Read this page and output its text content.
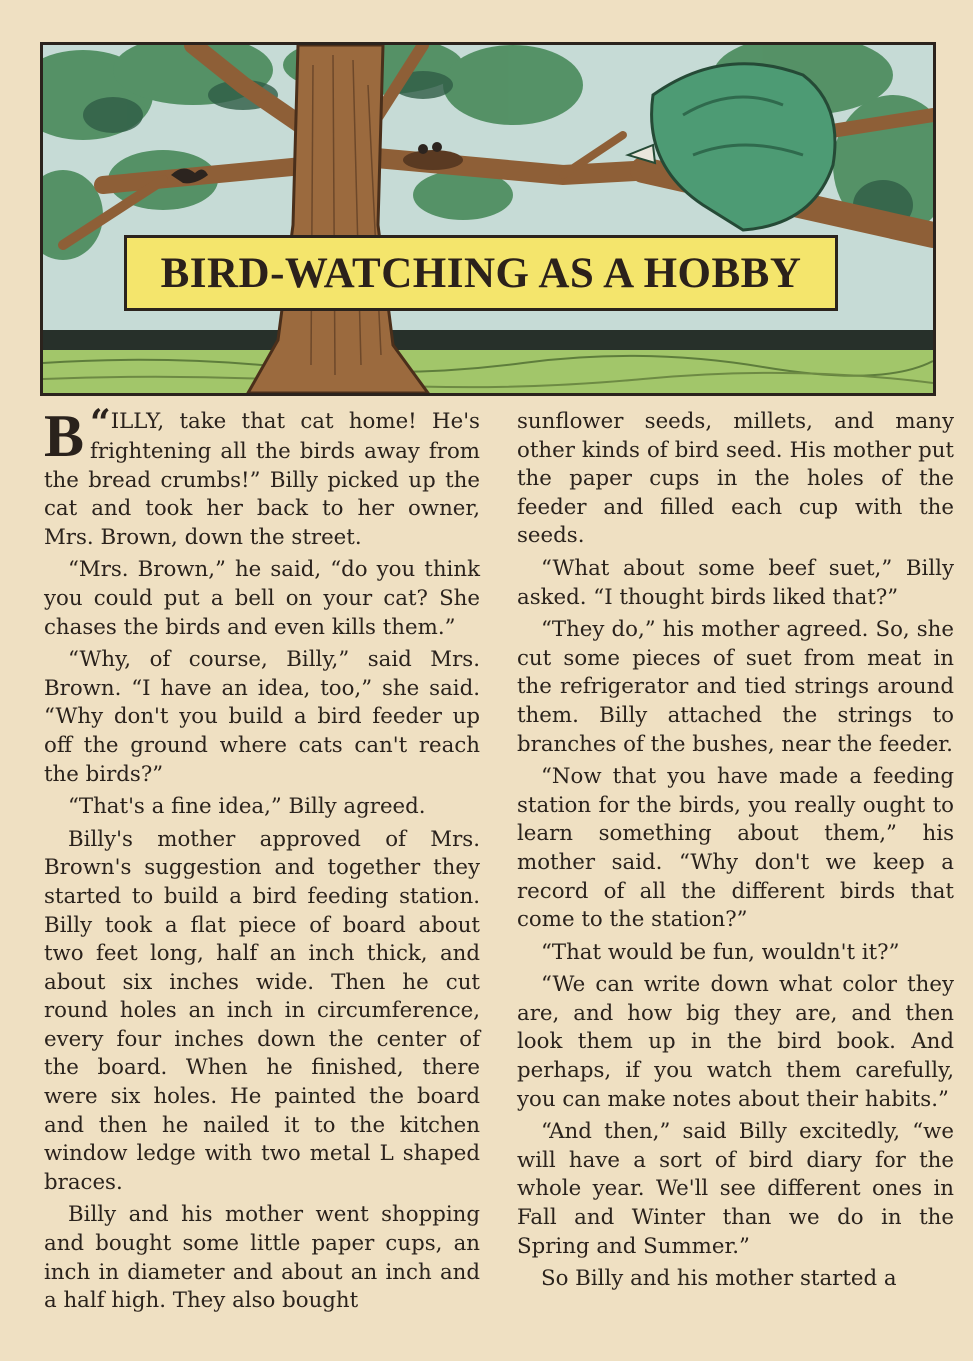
BIRD-WATCHING AS A HOBBY

“
B ILLY, take that cat home! He's frightening all the birds away from the bread crumbs!” Billy picked up the cat and took her back to her owner, Mrs. Brown, down the street.

“Mrs. Brown,” he said, “do you think you could put a bell on your cat? She chases the birds and even kills them.”

“Why, of course, Billy,” said Mrs. Brown. “I have an idea, too,” she said. “Why don't you build a bird feeder up off the ground where cats can't reach the birds?”

“That's a fine idea,” Billy agreed.

Billy's mother approved of Mrs. Brown's suggestion and together they started to build a bird feeding station. Billy took a flat piece of board about two feet long, half an inch thick, and about six inches wide. Then he cut round holes an inch in circumference, every four inches down the center of the board. When he finished, there were six holes. He painted the board and then he nailed it to the kitchen window ledge with two metal L shaped braces.

Billy and his mother went shopping and bought some little paper cups, an inch in diameter and about an inch and a half high. They also bought

sunflower seeds, millets, and many other kinds of bird seed. His mother put the paper cups in the holes of the feeder and filled each cup with the seeds.

“What about some beef suet,” Billy asked. “I thought birds liked that?”

“They do,” his mother agreed. So, she cut some pieces of suet from meat in the refrigerator and tied strings around them. Billy attached the strings to branches of the bushes, near the feeder.

“Now that you have made a feeding station for the birds, you really ought to learn something about them,” his mother said. “Why don't we keep a record of all the different birds that come to the station?”

“That would be fun, wouldn't it?”

“We can write down what color they are, and how big they are, and then look them up in the bird book. And perhaps, if you watch them carefully, you can make notes about their habits.”

“And then,” said Billy excitedly, “we will have a sort of bird diary for the whole year. We'll see different ones in Fall and Winter than we do in the Spring and Summer.”

So Billy and his mother started a
